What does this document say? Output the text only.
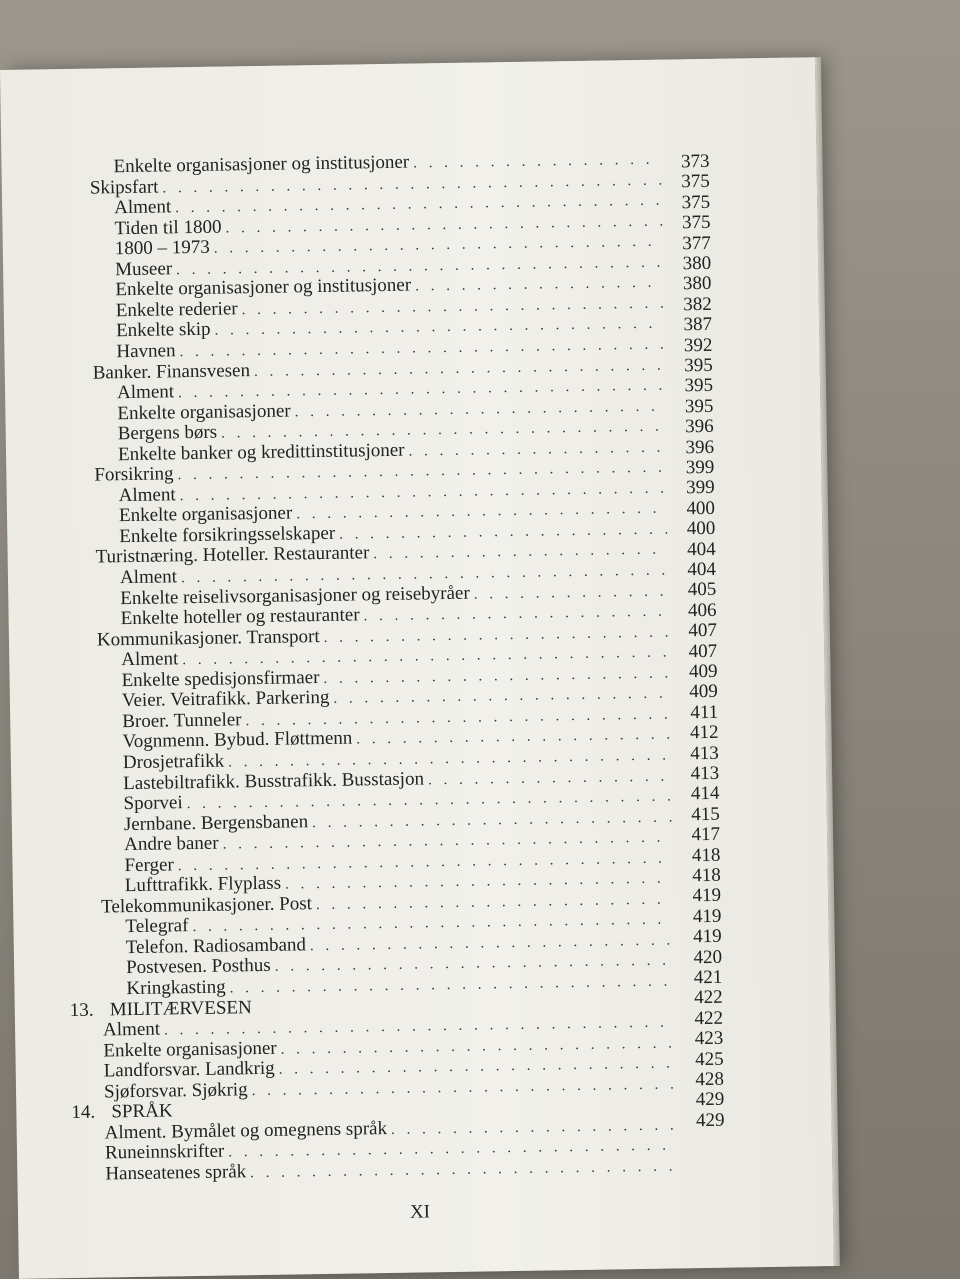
Enkelte organisasjoner og institusjoner
. . .
Skipsfart
. . .
Alment
. . .
Tiden til 1800
. . .
1800 – 1973
. . .
Museer
. . .
Enkelte organisasjoner og institusjoner
. . .
Enkelte rederier
. . .
Enkelte skip
. . .
Havnen
. . .
Banker. Finansvesen
. . .
Alment
. . .
Enkelte organisasjoner
. . .
Bergens børs
. . .
Enkelte banker og kredittinstitusjoner
. . .
Forsikring
. . .
Alment
. . .
Enkelte organisasjoner
. . .
Enkelte forsikringsselskaper
. . .
Turistnæring. Hoteller. Restauranter
. . .
Alment
. . .
Enkelte reiselivsorganisasjoner og reisebyråer
. . .
Enkelte hoteller og restauranter
. . .
Kommunikasjoner. Transport
. . .
Alment
. . .
Enkelte spedisjonsfirmaer
. . .
Veier. Veitrafikk. Parkering
. . .
Broer. Tunneler
. . .
Vognmenn. Bybud. Fløttmenn
. . .
Drosjetrafikk
. . .
Lastebiltrafikk. Busstrafikk. Busstasjon
. . .
Sporvei
. . .
Jernbane. Bergensbanen
. . .
Andre baner
. . .
Ferger
. . .
Lufttrafikk. Flyplass
. . .
Telekommunikasjoner. Post
. . .
Telegraf
. . .
Telefon. Radiosamband
. . .
Postvesen. Posthus
. . .
Kringkasting
. . .
13. MILITÆRVESEN
Alment
. . .
Enkelte organisasjoner
. . .
Landforsvar. Landkrig
. . .
Sjøforsvar. Sjøkrig
. . .
14. SPRÅK
Alment. Bymålet og omegnens språk
. . .
Runeinnskrifter
. . .
Hanseatenes språk
. . .
373
375
375
375
377
380
380
382
387
392
395
395
395
396
396
399
399
400
400
404
404
405
406
407
407
409
409
411
412
413
413
414
415
417
418
418
419
419
419
420
421
422
422
423
425
428
429
429
XI
